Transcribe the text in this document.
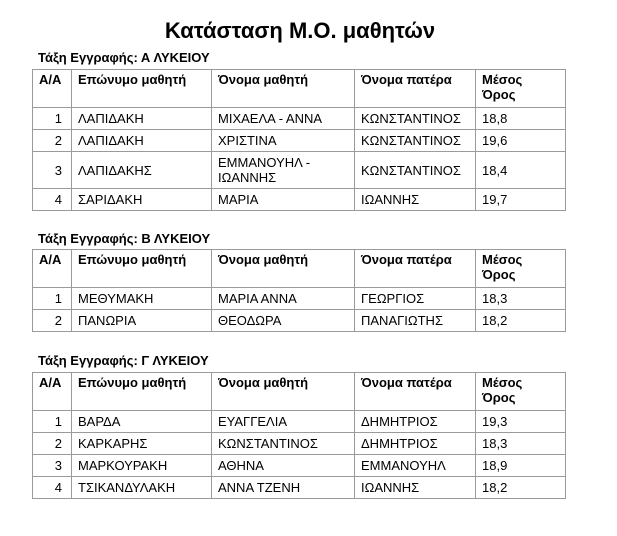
Κατάσταση Μ.Ο. μαθητών
Τάξη Εγγραφής: Α ΛΥΚΕΙΟΥ
Α/Α	Επώνυμο μαθητή	Όνομα μαθητή	Όνομα πατέρα	Μέσος Όρος
1	ΛΑΠΙΔΑΚΗ	ΜΙΧΑΕΛΑ - ΑΝΝΑ	ΚΩΝΣΤΑΝΤΙΝΟΣ	18,8
2	ΛΑΠΙΔΑΚΗ	ΧΡΙΣΤΙΝΑ	ΚΩΝΣΤΑΝΤΙΝΟΣ	19,6
3	ΛΑΠΙΔΑΚΗΣ	ΕΜΜΑΝΟΥΗΛ - ΙΩΑΝΝΗΣ	ΚΩΝΣΤΑΝΤΙΝΟΣ	18,4
4	ΣΑΡΙΔΑΚΗ	ΜΑΡΙΑ	ΙΩΑΝΝΗΣ	19,7
Τάξη Εγγραφής: Β ΛΥΚΕΙΟΥ
Α/Α	Επώνυμο μαθητή	Όνομα μαθητή	Όνομα πατέρα	Μέσος Όρος
1	ΜΕΘΥΜΑΚΗ	ΜΑΡΙΑ ΑΝΝΑ	ΓΕΩΡΓΙΟΣ	18,3
2	ΠΑΝΩΡΙΑ	ΘΕΟΔΩΡΑ	ΠΑΝΑΓΙΩΤΗΣ	18,2
Τάξη Εγγραφής: Γ ΛΥΚΕΙΟΥ
Α/Α	Επώνυμο μαθητή	Όνομα μαθητή	Όνομα πατέρα	Μέσος Όρος
1	ΒΑΡΔΑ	ΕΥΑΓΓΕΛΙΑ	ΔΗΜΗΤΡΙΟΣ	19,3
2	ΚΑΡΚΑΡΗΣ	ΚΩΝΣΤΑΝΤΙΝΟΣ	ΔΗΜΗΤΡΙΟΣ	18,3
3	ΜΑΡΚΟΥΡΑΚΗ	ΑΘΗΝΑ	ΕΜΜΑΝΟΥΗΛ	18,9
4	ΤΣΙΚΑΝΔΥΛΑΚΗ	ΑΝΝΑ ΤΖΕΝΗ	ΙΩΑΝΝΗΣ	18,2
